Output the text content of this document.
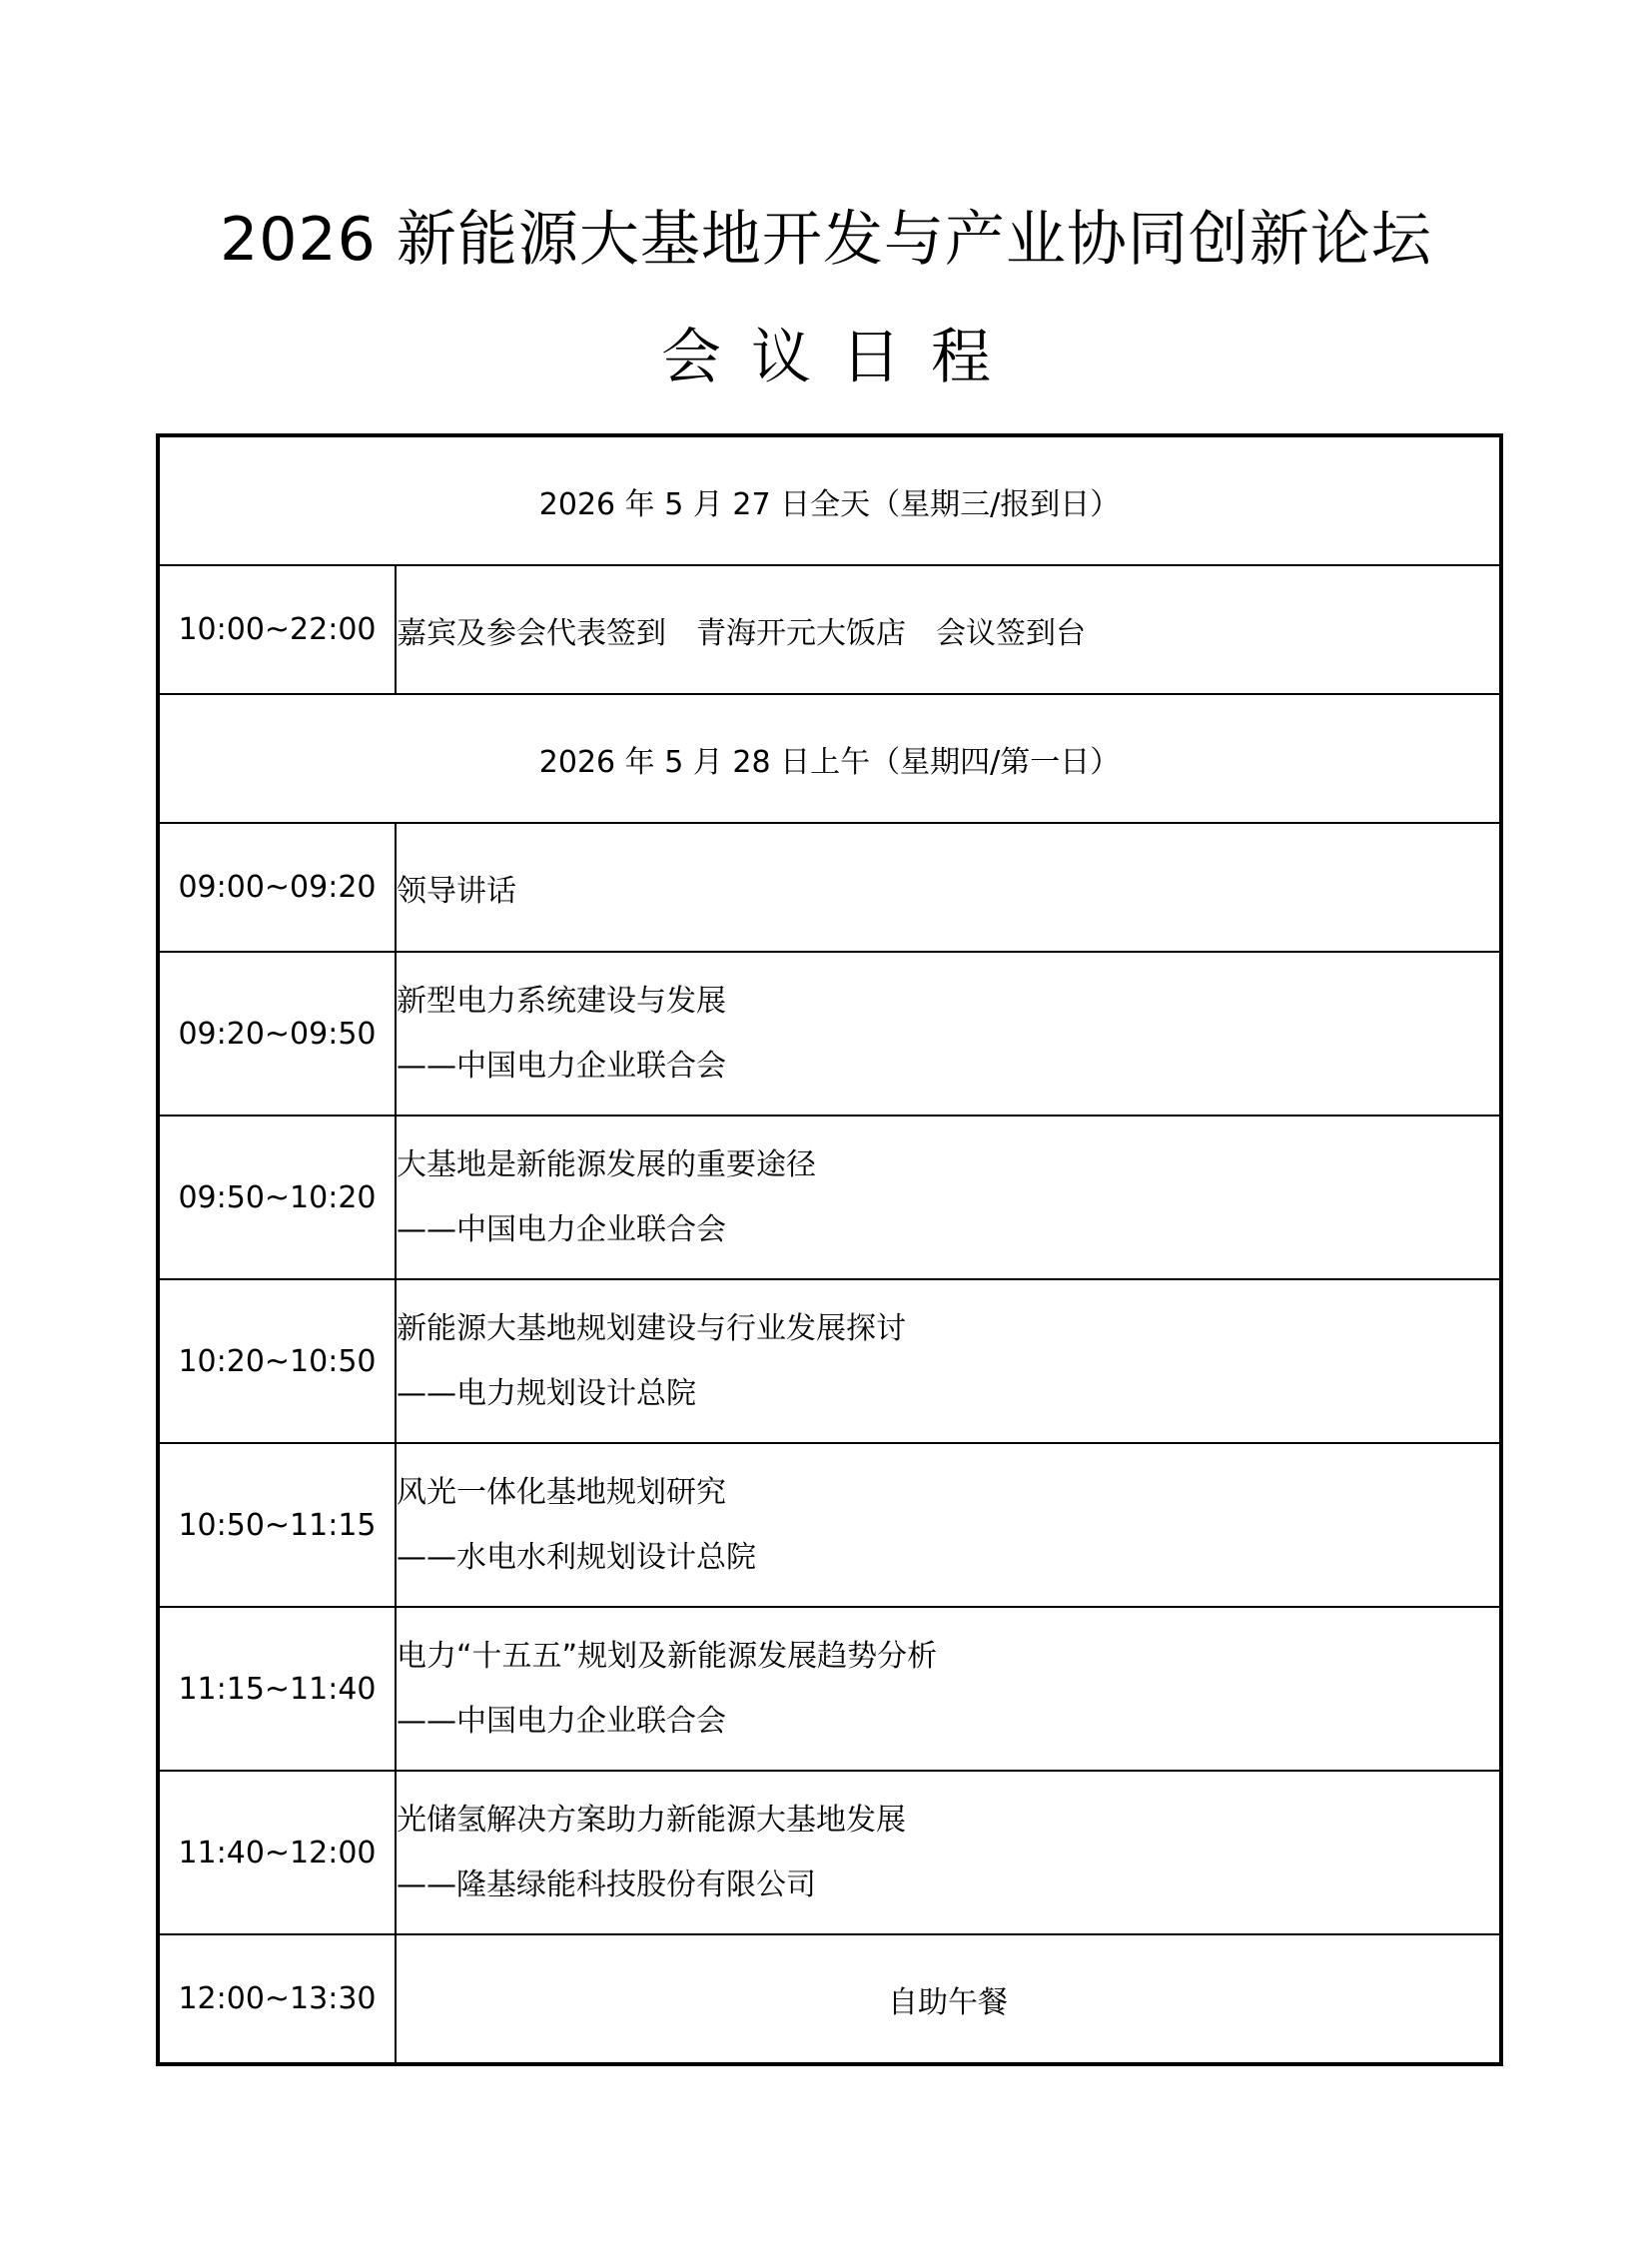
2026 新能源大基地开发与产业协同创新论坛
会议日程
2026 年 5 月 27 日全天（星期三/报到日）	
10:00~22:00	嘉宾及参会代表签到　青海开元大饭店　会议签到台
2026 年 5 月 28 日上午（星期四/第一日）	
09:00~09:20	领导讲话
09:20~09:50	新型电力系统建设与发展
——中国电力企业联合会

09:50~10:20	大基地是新能源发展的重要途径
——中国电力企业联合会

10:20~10:50	新能源大基地规划建设与行业发展探讨
——电力规划设计总院

10:50~11:15	风光一体化基地规划研究
——水电水利规划设计总院

11:15~11:40	电力“十五五”规划及新能源发展趋势分析
——中国电力企业联合会

11:40~12:00	光储氢解决方案助力新能源大基地发展
——隆基绿能科技股份有限公司

12:00~13:30	自助午餐
